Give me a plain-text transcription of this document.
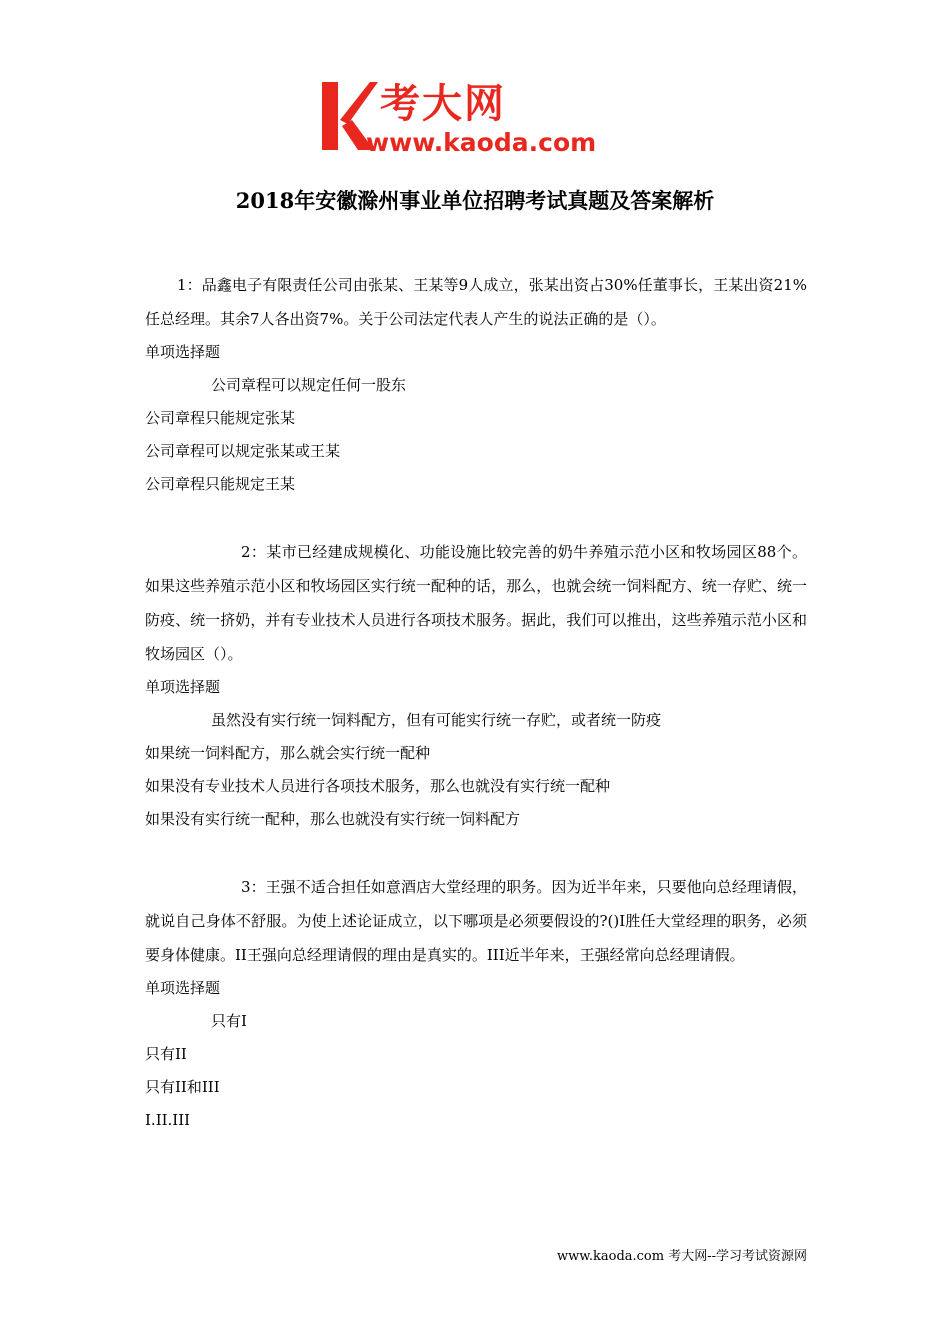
考大网
www.kaoda.com
2018年安徽滁州事业单位招聘考试真题及答案解析

1：品鑫电子有限责任公司由张某、王某等9人成立，张某出资占30%任董事长，王某出资21%任总经理。其余7人各出资7%。关于公司法定代表人产生的说法正确的是（）。

单项选择题

公司章程可以规定任何一股东

公司章程只能规定张某

公司章程可以规定张某或王某

公司章程只能规定王某

2：某市已经建成规模化、功能设施比较完善的奶牛养殖示范小区和牧场园区88个。如果这些养殖示范小区和牧场园区实行统一配种的话，那么，也就会统一饲料配方、统一存贮、统一防疫、统一挤奶，并有专业技术人员进行各项技术服务。据此，我们可以推出，这些养殖示范小区和牧场园区（）。

单项选择题

虽然没有实行统一饲料配方，但有可能实行统一存贮，或者统一防疫

如果统一饲料配方，那么就会实行统一配种

如果没有专业技术人员进行各项技术服务，那么也就没有实行统一配种

如果没有实行统一配种，那么也就没有实行统一饲料配方

3：王强不适合担任如意酒店大堂经理的职务。因为近半年来，只要他向总经理请假，就说自己身体不舒服。为使上述论证成立，以下哪项是必须要假设的?()I胜任大堂经理的职务，必须要身体健康。II王强向总经理请假的理由是真实的。III近半年来，王强经常向总经理请假。

单项选择题

只有I

只有II

只有II和III

I.II.III

www.kaoda.com 考大网--学习考试资源网
